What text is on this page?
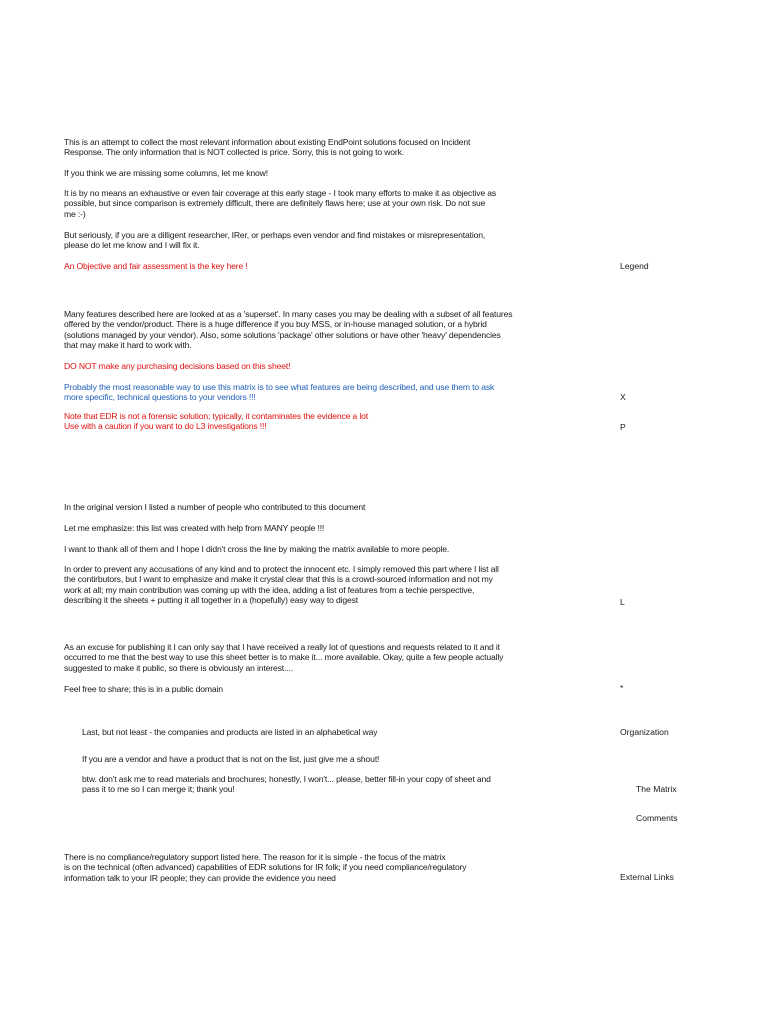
This is an attempt to collect the most relevant information about existing EndPoint solutions focused on Incident
Response. The only information that is NOT collected is price. Sorry, this is not going to work.
If you think we are missing some columns, let me know!
It is by no means an exhaustive or even fair coverage at this early stage - I took many efforts to make it as objective as
possible, but since comparison is extremely difficult, there are definitely flaws here; use at your own risk. Do not sue
me :-)
But seriously, if you are a dilligent researcher, IRer, or perhaps even vendor and find mistakes or misrepresentation,
please do let me know and I will fix it.
An Objective and fair assessment is the key here !
Many features described here are looked at as a 'superset'. In many cases you may be dealing with a subset of all features
offered by the vendor/product. There is a huge difference if you buy MSS, or in-house managed solution, or a hybrid
(solutions managed by your vendor). Also, some solutions 'package' other solutions or have other 'heavy' dependencies
that may make it hard to work with.
DO NOT make any purchasing decisions based on this sheet!
Probably the most reasonable way to use this matrix is to see what features are being described, and use them to ask
more specific, technical questions to your vendors !!!
Note that EDR is not a forensic solution; typically, it contaminates the evidence a lot
Use with a caution if you want to do L3 investigations !!!
In the original version I listed a number of people who contributed to this document
Let me emphasize: this list was created with help from MANY people !!!
I want to thank all of them and I hope I didn't cross the line by making the matrix available to more people.
In order to prevent any accusations of any kind and to protect the innocent etc. I simply removed this part where I list all
the contirbutors, but I want to emphasize and make it crystal clear that this is a crowd-sourced information and not my
work at all; my main contribution was coming up with the idea, adding a list of features from a techie perspective,
describing it the sheets + putting it all together in a (hopefully) easy way to digest
As an excuse for publishing it I can only say that I have received a really lot of questions and requests related to it and it
occurred to me that the best way to use this sheet better is to make it... more available. Okay, quite a few people actually
suggested to make it public, so there is obviously an interest....
Feel free to share; this is in a public domain
Last, but not least - the companies and products are listed in an alphabetical way
If you are a vendor and have a product that is not on the list, just give me a shout!
btw. don't ask me to read materials and brochures; honestly, I won't... please, better fill-in your copy of sheet and
pass it to me so I can merge it; thank you!
There is no compliance/regulatory support listed here. The reason for it is simple - the focus of the matrix
is on the technical (often advanced) capabilities of EDR solutions for IR folk; if you need compliance/regulatory
information talk to your IR people; they can provide the evidence you need
Legend
X
P
L
*
Organization
The Matrix
Comments
External Links
